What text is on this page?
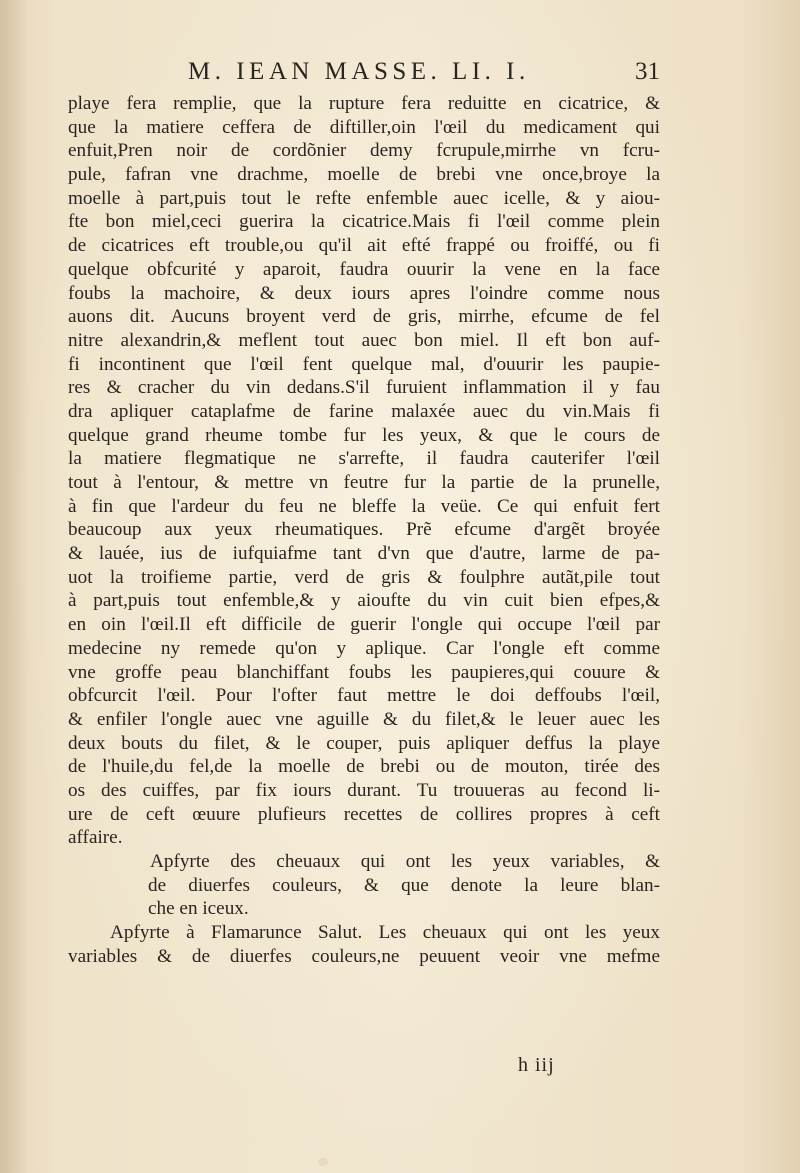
M. IEAN MASSE. LI. I.	31
playe fera remplie, que la rupture fera reduitte en cicatrice, &
que la matiere ceffera de diftiller,oin l'œil du medicament qui
enfuit,Pren noir de cordõnier demy fcrupule,mirrhe vn fcru-
pule, fafran vne drachme, moelle de brebi vne once,broye la
moelle à part,puis tout le refte enfemble auec icelle, & y aiou-
fte bon miel,ceci guerira la cicatrice.Mais fi l'œil comme plein
de cicatrices eft trouble,ou qu'il ait efté frappé ou froiffé, ou fi
quelque obfcurité y aparoit, faudra ouurir la vene en la face
foubs la machoire, & deux iours apres l'oindre comme nous
auons dit. Aucuns broyent verd de gris, mirrhe, efcume de fel
nitre alexandrin,& meflent tout auec bon miel. Il eft bon auf-
fi incontinent que l'œil fent quelque mal, d'ouurir les paupie-
res & cracher du vin dedans.S'il furuient inflammation il y fau
dra apliquer cataplafme de farine malaxée auec du vin.Mais fi
quelque grand rheume tombe fur les yeux, & que le cours de
la matiere flegmatique ne s'arrefte, il faudra cauterifer l'œil
tout à l'entour, & mettre vn feutre fur la partie de la prunelle,
à fin que l'ardeur du feu ne bleffe la veüe. Ce qui enfuit fert
beaucoup aux yeux rheumatiques. Prẽ efcume d'argẽt broyée
& lauée, ius de iufquiafme tant d'vn que d'autre, larme de pa-
uot la troifieme partie, verd de gris & foulphre autãt,pile tout
à part,puis tout enfemble,& y aioufte du vin cuit bien efpes,&
en oin l'œil.Il eft difficile de guerir l'ongle qui occupe l'œil par
medecine ny remede qu'on y aplique. Car l'ongle eft comme
vne groffe peau blanchiffant foubs les paupieres,qui couure &
obfcurcit l'œil. Pour l'ofter faut mettre le doi deffoubs l'œil,
& enfiler l'ongle auec vne aguille & du filet,& le leuer auec les
deux bouts du filet, & le couper, puis apliquer deffus la playe
de l'huile,du fel,de la moelle de brebi ou de mouton, tirée des
os des cuiffes, par fix iours durant. Tu trouueras au fecond li-
ure de ceft œuure plufieurs recettes de collires propres à ceft
affaire.
Apfyrte des cheuaux qui ont les yeux variables, &
de diuerfes couleurs, & que denote la leure blan-
che en iceux.
Apfyrte à Flamarunce Salut. Les cheuaux qui ont les yeux
variables & de diuerfes couleurs,ne peuuent veoir vne mefme
h iij
